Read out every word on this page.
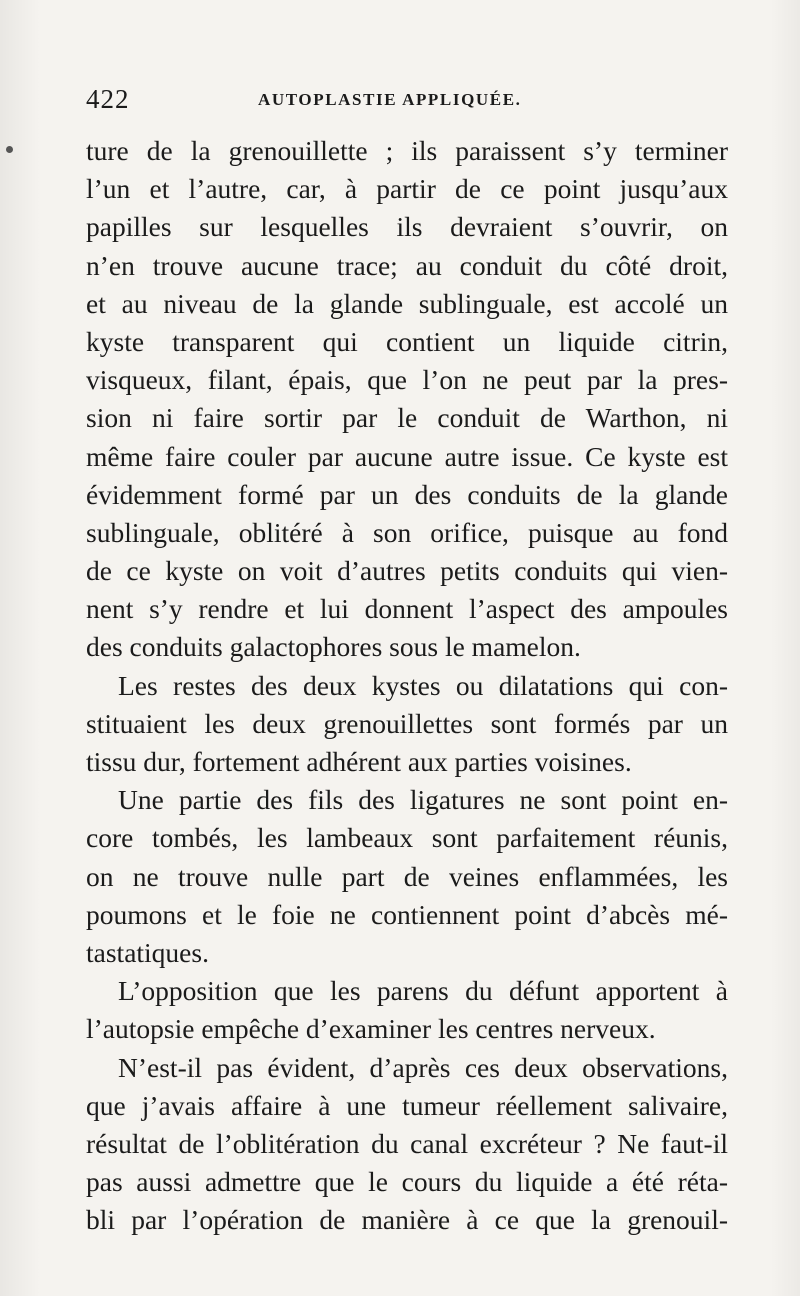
422	AUTOPLASTIE APPLIQUÉE.
ture de la grenouillette ; ils paraissent s’y terminer
l’un et l’autre, car, à partir de ce point jusqu’aux
papilles sur lesquelles ils devraient s’ouvrir, on
n’en trouve aucune trace; au conduit du côté droit,
et au niveau de la glande sublinguale, est accolé un
kyste transparent qui contient un liquide citrin,
visqueux, filant, épais, que l’on ne peut par la pres-
sion ni faire sortir par le conduit de Warthon, ni
même faire couler par aucune autre issue. Ce kyste est
évidemment formé par un des conduits de la glande
sublinguale, oblitéré à son orifice, puisque au fond
de ce kyste on voit d’autres petits conduits qui vien-
nent s’y rendre et lui donnent l’aspect des ampoules
des conduits galactophores sous le mamelon.
Les restes des deux kystes ou dilatations qui con-
stituaient les deux grenouillettes sont formés par un
tissu dur, fortement adhérent aux parties voisines.
Une partie des fils des ligatures ne sont point en-
core tombés, les lambeaux sont parfaitement réunis,
on ne trouve nulle part de veines enflammées, les
poumons et le foie ne contiennent point d’abcès mé-
tastatiques.
L’opposition que les parens du défunt apportent à
l’autopsie empêche d’examiner les centres nerveux.
N’est-il pas évident, d’après ces deux observations,
que j’avais affaire à une tumeur réellement salivaire,
résultat de l’oblitération du canal excréteur ? Ne faut-il
pas aussi admettre que le cours du liquide a été réta-
bli par l’opération de manière à ce que la grenouil-
